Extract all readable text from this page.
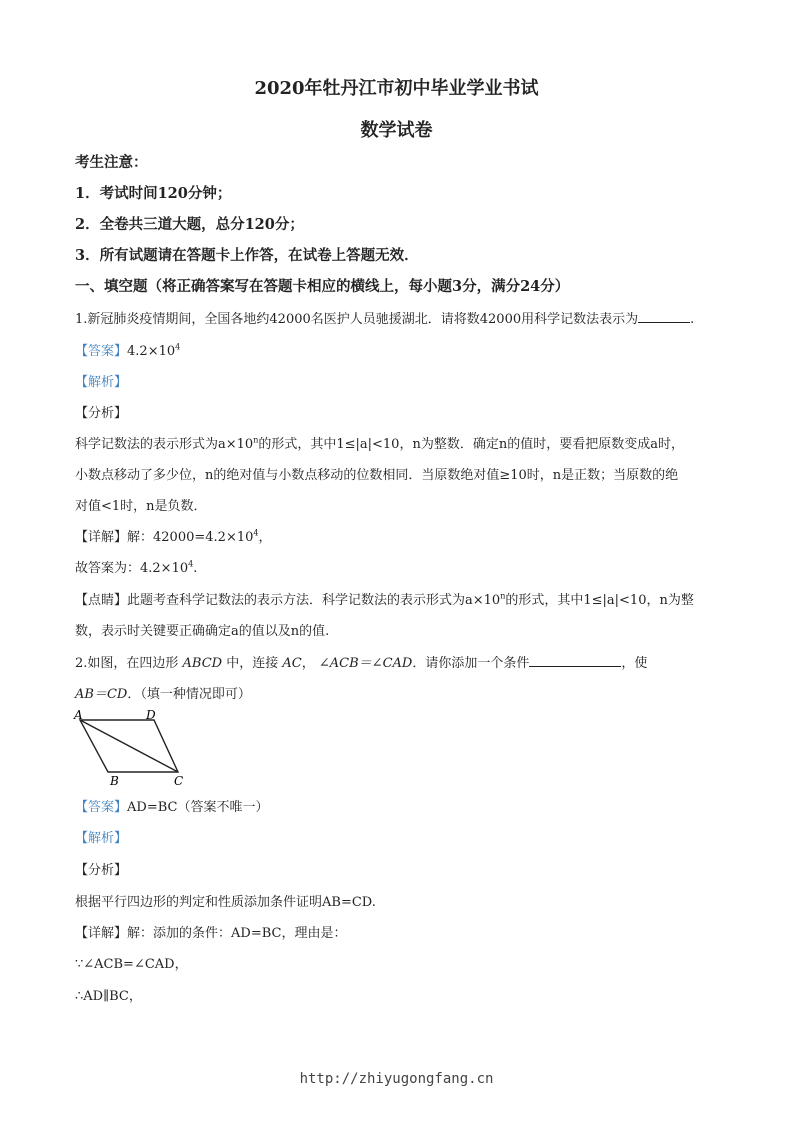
2020年牡丹江市初中毕业学业书试
数学试卷
考生注意：
1．考试时间120分钟；
2．全卷共三道大题，总分120分；
3．所有试题请在答题卡上作答，在试卷上答题无效．
一、填空题（将正确答案写在答题卡相应的横线上，每小题3分，满分24分）
1.新冠肺炎疫情期间，全国各地约42000名医护人员驰援湖北．请将数42000用科学记数法表示为	.
【答案】$4.2\times 10^4$
【解析】
【分析】
科学记数法的表示形式为$a\times 10^n$的形式，其中1≤|a|<10，n为整数．确定n的值时，要看把原数变成a时，
小数点移动了多少位，n的绝对值与小数点移动的位数相同．当原数绝对值≥10时，n是正数；当原数的绝
对值<1时，n是负数．
【详解】解：$42000=4.2\times 10^4$，
故答案为：$4.2\times 10^4$.
【点睛】此题考查科学记数法的表示方法．科学记数法的表示形式为$a\times 10^n$的形式，其中1≤|a|<10，n为整
数，表示时关键要正确确定a的值以及n的值.
2.如图，在四边形 ABCD 中，连接 AC， ∠ACB＝∠CAD．请你添加一个条件	，使
AB＝CD．（填一种情况即可）
A	D
B	C
【答案】AD=BC（答案不唯一）
【解析】
【分析】
根据平行四边形的判定和性质添加条件证明AB=CD.
【详解】解：添加的条件：AD=BC，理由是：
∵∠ACB=∠CAD，
∴AD∥BC，
http://zhiyugongfang.cn
